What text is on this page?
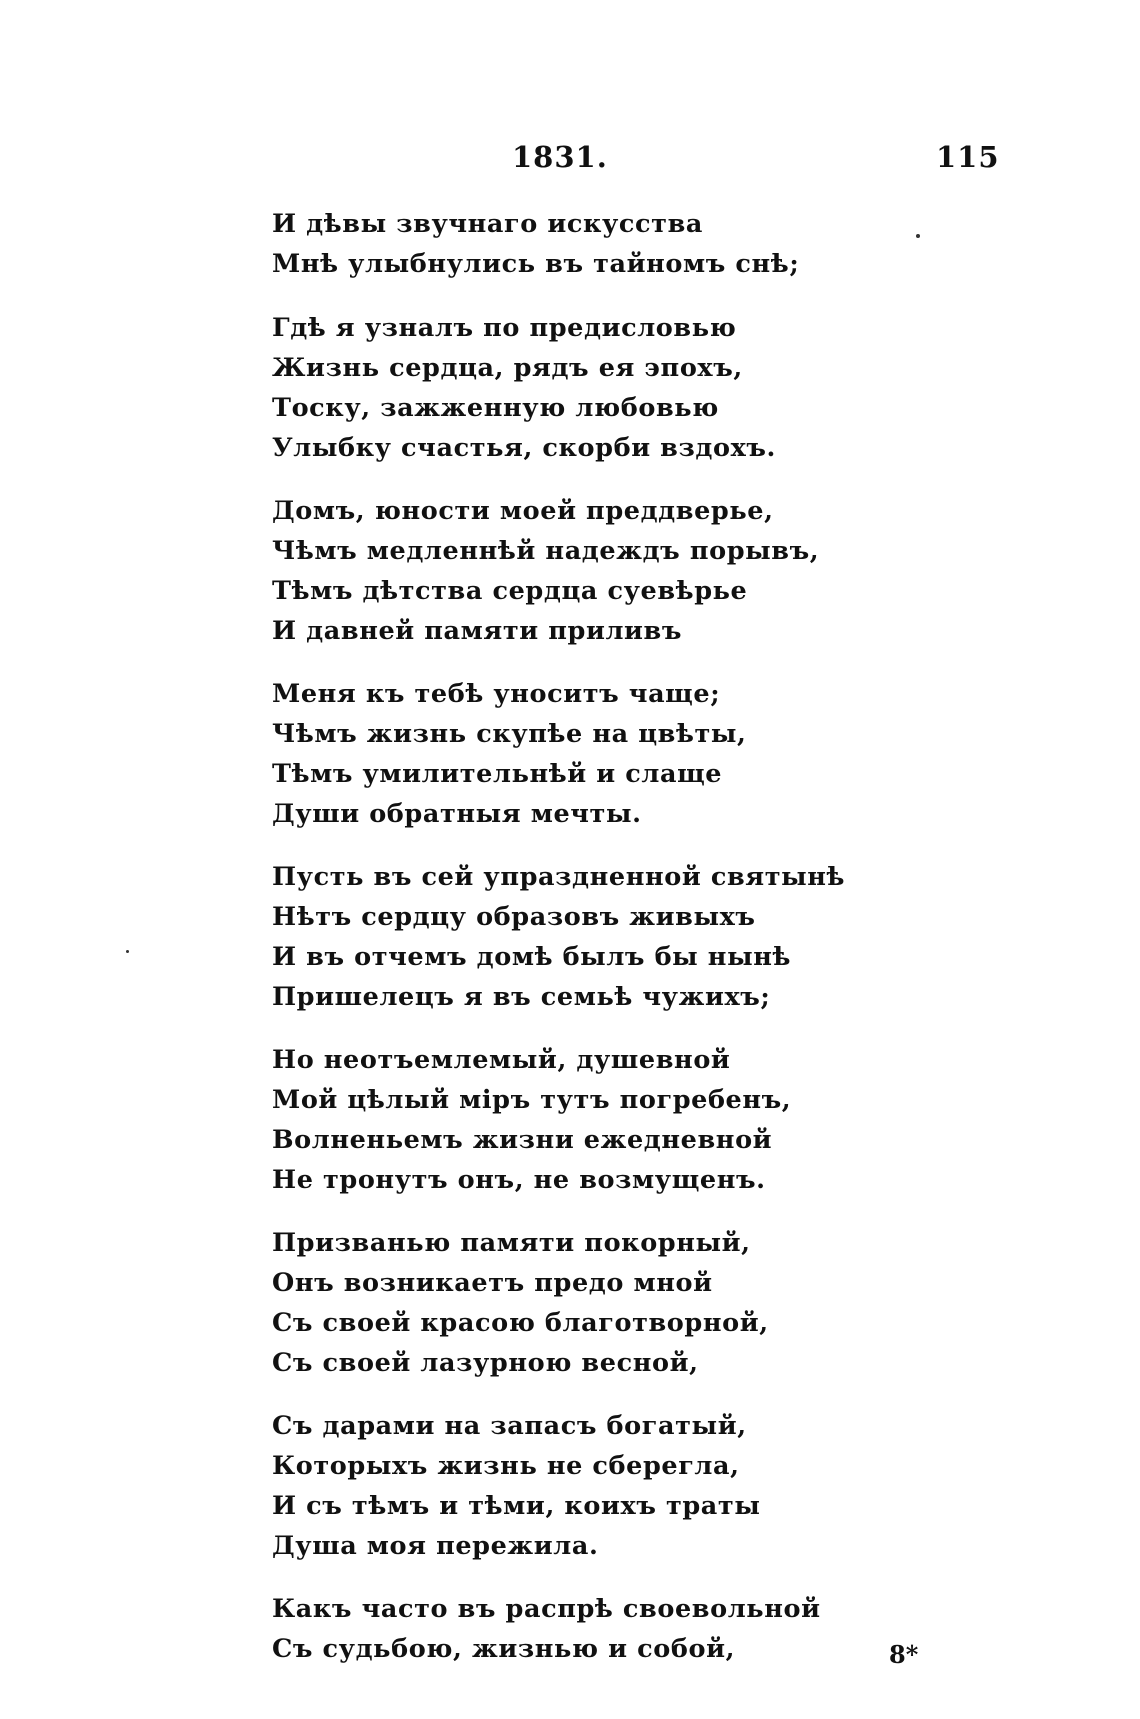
1831.	115
И дѣвы звучнаго искусства
Мнѣ улыбнулись въ тайномъ снѣ;
Гдѣ я узналъ по предисловью
Жизнь сердца, рядъ ея эпохъ,
Тоску, зажженную любовью
Улыбку счастья, скорби вздохъ.
Домъ, юности моей преддверье,
Чѣмъ медленнѣй надеждъ порывъ,
Тѣмъ дѣтства сердца суевѣрье
И давней памяти приливъ
Меня къ тебѣ уноситъ чаще;
Чѣмъ жизнь скупѣе на цвѣты,
Тѣмъ умилительнѣй и слаще
Души обратныя мечты.
Пусть въ сей упраздненной святынѣ
Нѣтъ сердцу образовъ живыхъ
И въ отчемъ домѣ былъ бы нынѣ
Пришелецъ я въ семьѣ чужихъ;
Но неотъемлемый, душевной
Мой цѣлый міръ тутъ погребенъ,
Волненьемъ жизни ежедневной
Не тронутъ онъ, не возмущенъ.
Призванью памяти покорный,
Онъ возникаетъ предо мной
Съ своей красою благотворной,
Съ своей лазурною весной,
Съ дарами на запасъ богатый,
Которыхъ жизнь не сберегла,
И съ тѣмъ и тѣми, коихъ траты
Душа моя пережила.
Какъ часто въ распрѣ своевольной
Съ судьбою, жизнью и собой,	8*
